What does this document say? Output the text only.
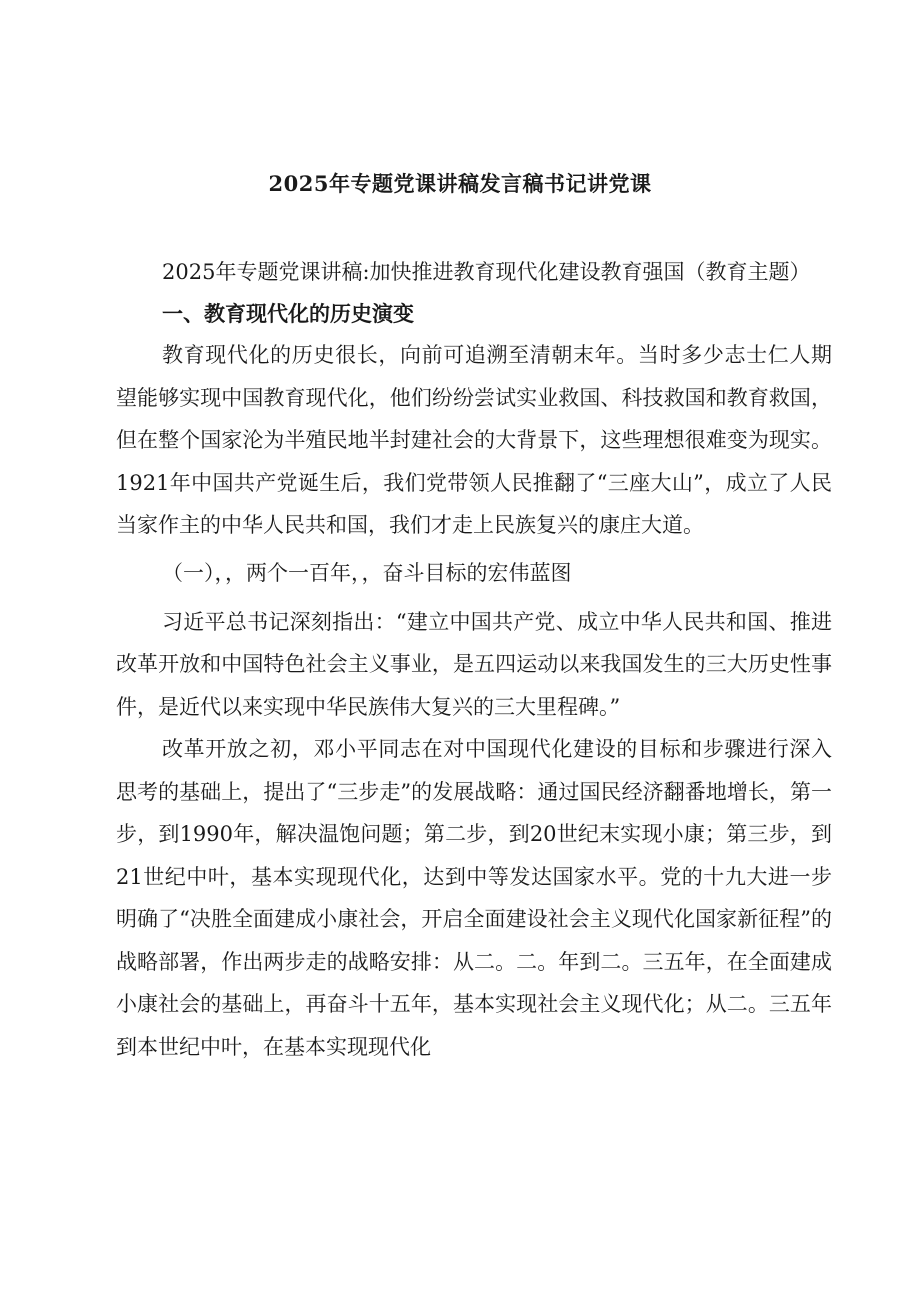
2025年专题党课讲稿发言稿书记讲党课

2025年专题党课讲稿:加快推进教育现代化建设教育强国（教育主题）

一、教育现代化的历史演变

教育现代化的历史很长，向前可追溯至清朝末年。当时多少志士仁人期望能够实现中国教育现代化，他们纷纷尝试实业救国、科技救国和教育救国，但在整个国家沦为半殖民地半封建社会的大背景下，这些理想很难变为现实。1921年中国共产党诞生后，我们党带领人民推翻了“三座大山”，成立了人民当家作主的中华人民共和国，我们才走上民族复兴的康庄大道。

（一），，两个一百年，，奋斗目标的宏伟蓝图

习近平总书记深刻指出：“建立中国共产党、成立中华人民共和国、推进改革开放和中国特色社会主义事业，是五四运动以来我国发生的三大历史性事件，是近代以来实现中华民族伟大复兴的三大里程碑。”

改革开放之初，邓小平同志在对中国现代化建设的目标和步骤进行深入思考的基础上，提出了“三步走”的发展战略：通过国民经济翻番地增长，第一步，到1990年，解决温饱问题；第二步，到20世纪末实现小康；第三步，到21世纪中叶，基本实现现代化，达到中等发达国家水平。党的十九大进一步明确了“决胜全面建成小康社会，开启全面建设社会主义现代化国家新征程”的战略部署，作出两步走的战略安排：从二。二。年到二。三五年，在全面建成小康社会的基础上，再奋斗十五年，基本实现社会主义现代化；从二。三五年到本世纪中叶，在基本实现现代化
